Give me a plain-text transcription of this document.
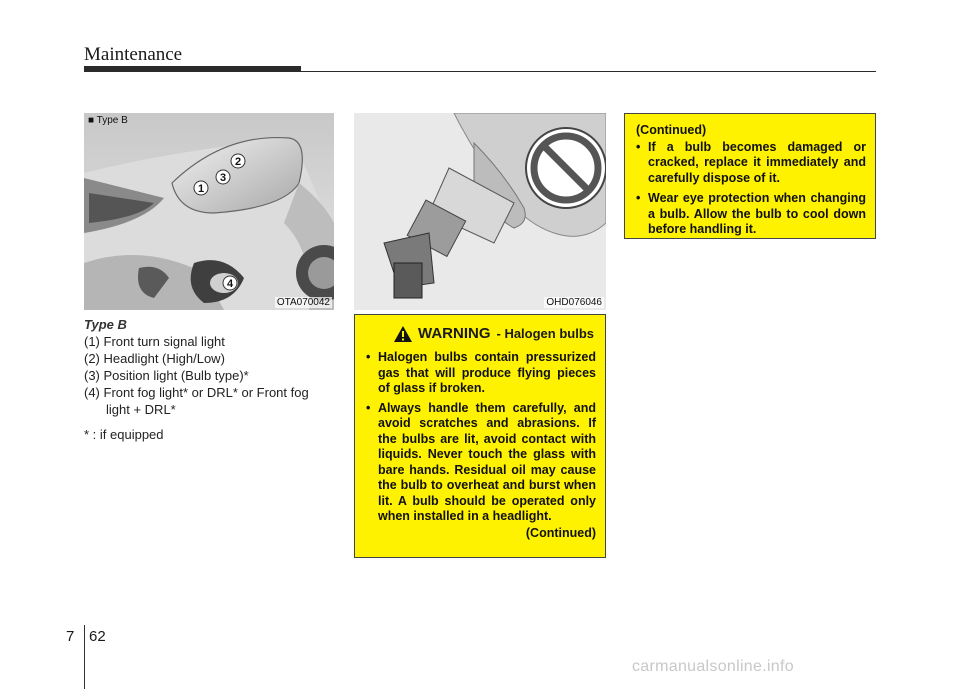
Maintenance
1
2
3
4
■ Type B
OTA070042	OHD076046
Type B
(1) Front turn signal light
(2) Headlight (High/Low)
(3) Position light (Bulb type)*
(4) Front fog light* or DRL* or Front fog light + DRL*
* : if equipped
WARNING - Halogen bulbs
• Halogen bulbs contain pressurized gas that will produce flying pieces of glass if broken.
• Always handle them carefully, and avoid scratches and abrasions. If the bulbs are lit, avoid contact with liquids. Never touch the glass with bare hands. Residual oil may cause the bulb to overheat and burst when lit. A bulb should be operated only when installed in a headlight.
(Continued)
(Continued)
• If a bulb becomes damaged or cracked, replace it immediately and carefully dispose of it.
• Wear eye protection when changing a bulb. Allow the bulb to cool down before handling it.
7 62
carmanualsonline.info
